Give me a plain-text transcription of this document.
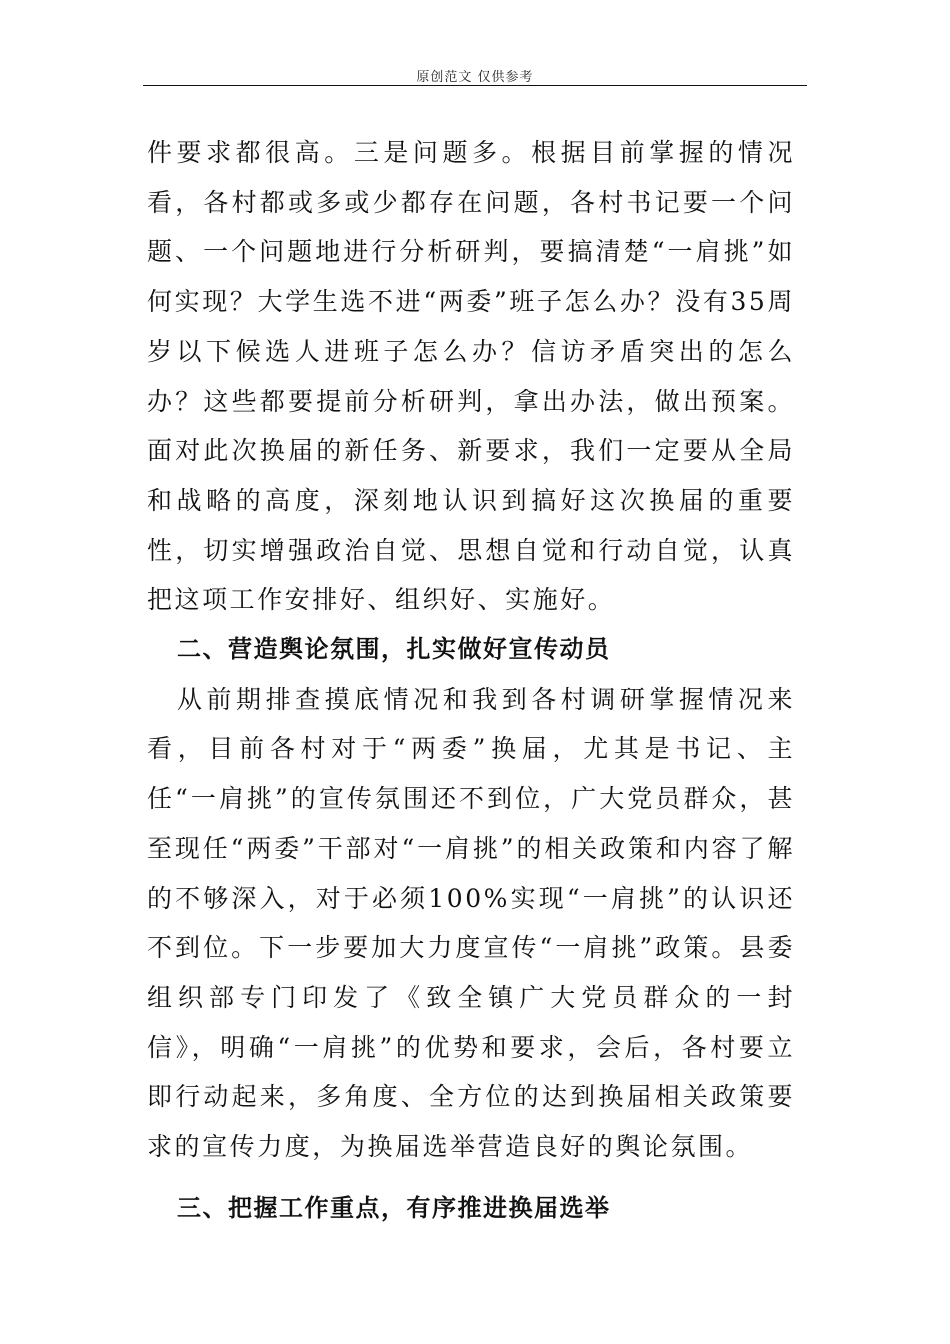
原创范文 仅供参考

件要求都很高。三是问题多。根据目前掌握的情况看，各村都或多或少都存在问题，各村书记要一个问题、一个问题地进行分析研判，要搞清楚“一肩挑”如何实现？大学生选不进“两委”班子怎么办？没有35周岁以下候选人进班子怎么办？信访矛盾突出的怎么办？这些都要提前分析研判，拿出办法，做出预案。面对此次换届的新任务、新要求，我们一定要从全局和战略的高度，深刻地认识到搞好这次换届的重要性，切实增强政治自觉、思想自觉和行动自觉，认真把这项工作安排好、组织好、实施好。

二、营造舆论氛围，扎实做好宣传动员

从前期排查摸底情况和我到各村调研掌握情况来看，目前各村对于“两委”换届，尤其是书记、主任“一肩挑”的宣传氛围还不到位，广大党员群众，甚至现任“两委”干部对“一肩挑”的相关政策和内容了解的不够深入，对于必须100%实现“一肩挑”的认识还不到位。下一步要加大力度宣传“一肩挑”政策。县委组织部专门印发了《致全镇广大党员群众的一封信》，明确“一肩挑”的优势和要求，会后，各村要立即行动起来，多角度、全方位的达到换届相关政策要求的宣传力度，为换届选举营造良好的舆论氛围。

三、把握工作重点，有序推进换届选举
